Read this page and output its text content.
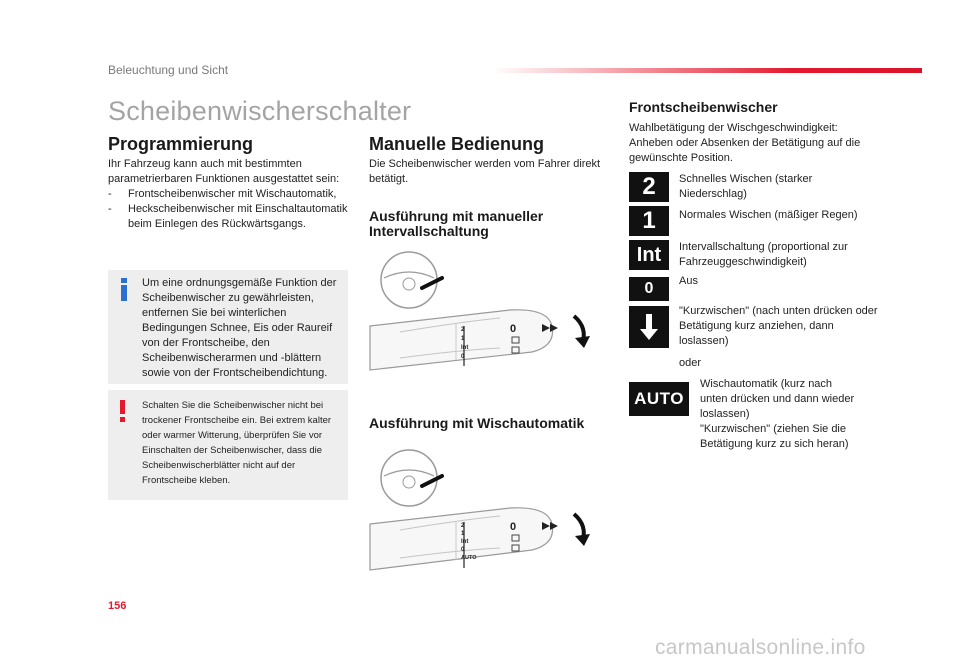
Beleuchtung und Sicht
Scheibenwischerschalter
Programmierung
Ihr Fahrzeug kann auch mit bestimmten parametrierbaren Funktionen ausgestattet sein:
- Frontscheibenwischer mit Wischautomatik,
- Heckscheibenwischer mit Einschaltautomatik beim Einlegen des Rückwärtsgangs.
Um eine ordnungsgemäße Funktion der Scheibenwischer zu gewährleisten, entfernen Sie bei winterlichen Bedingungen Schnee, Eis oder Raureif von der Frontscheibe, den Scheibenwischerarmen und -blättern sowie von der Frontscheibendichtung.
Schalten Sie die Scheibenwischer nicht bei trockener Frontscheibe ein. Bei extrem kalter oder warmer Witterung, überprüfen Sie vor Einschalten der Scheibenwischer, dass die Scheibenwischerblätter nicht auf der Frontscheibe kleben.
Manuelle Bedienung
Die Scheibenwischer werden vom Fahrer direkt betätigt.
Ausführung mit manueller Intervallschaltung
2
1
Int
0
0
Ausführung mit Wischautomatik
2
1
Int
0
AUTO
0
Frontscheibenwischer
Wahlbetätigung der Wischgeschwindigkeit: Anheben oder Absenken der Betätigung auf die gewünschte Position.
2	Schnelles Wischen (starker Niederschlag)
1	Normales Wischen (mäßiger Regen)
Int	Intervallschaltung (proportional zur Fahrzeuggeschwindigkeit)
0	Aus
"Kurzwischen" (nach unten drücken oder Betätigung kurz anziehen, dann loslassen)
oder
AUTO
Wischautomatik (kurz nach unten drücken und dann wieder loslassen)
"Kurzwischen" (ziehen Sie die Betätigung kurz zu sich heran)
156
carmanualsonline.info
